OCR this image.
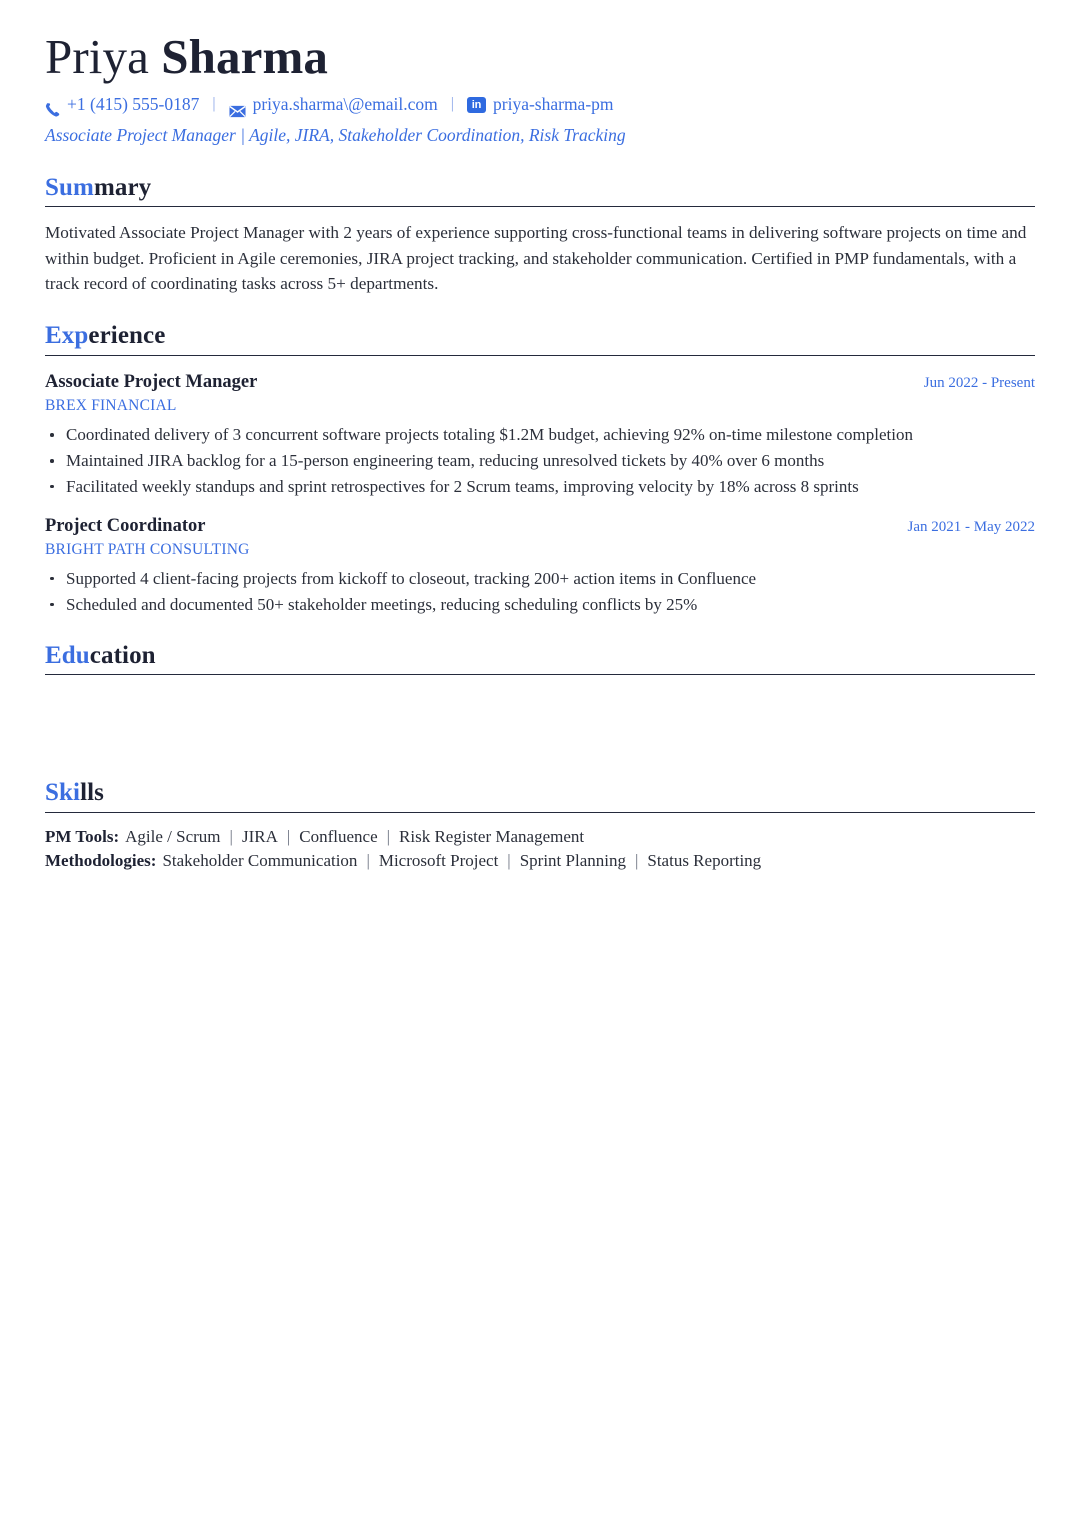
Priya Sharma
+1 (415) 555-0187 | priya.sharma\@email.com |	in priya-sharma-pm
Associate Project Manager | Agile, JIRA, Stakeholder Coordination, Risk Tracking
Summary

Motivated Associate Project Manager with 2 years of experience supporting cross-functional teams in delivering software projects on time and within budget. Proficient in Agile ceremonies, JIRA project tracking, and stakeholder communication. Certified in PMP fundamentals, with a track record of coordinating tasks across 5+ departments.

Experience
Associate Project Manager	Jun 2022 - Present
BREX FINANCIAL
Coordinated delivery of 3 concurrent software projects totaling $1.2M budget, achieving 92% on-time milestone completion
Maintained JIRA backlog for a 15-person engineering team, reducing unresolved tickets by 40% over 6 months
Facilitated weekly standups and sprint retrospectives for 2 Scrum teams, improving velocity by 18% across 8 sprints
Project Coordinator	Jan 2021 - May 2022
BRIGHT PATH CONSULTING
Supported 4 client-facing projects from kickoff to closeout, tracking 200+ action items in Confluence
Scheduled and documented 50+ stakeholder meetings, reducing scheduling conflicts by 25%
Education
Skills
PM Tools: Agile / Scrum | JIRA | Confluence | Risk Register Management
Methodologies: Stakeholder Communication | Microsoft Project | Sprint Planning | Status Reporting
